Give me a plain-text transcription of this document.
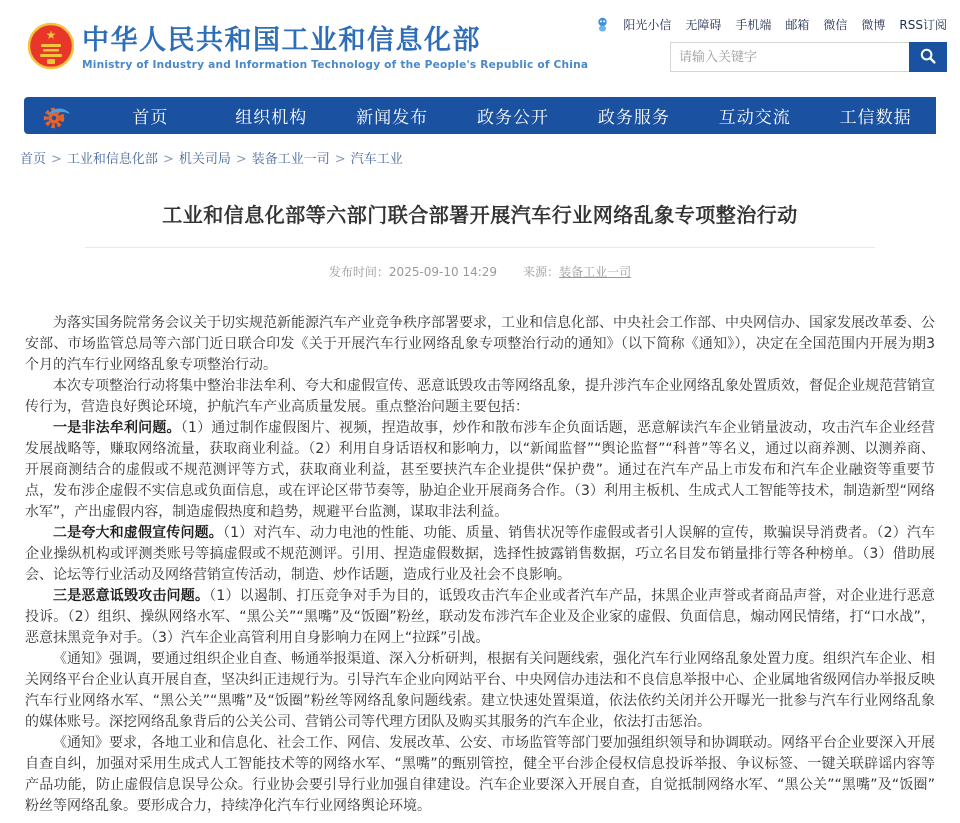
★ 中华人民共和国工业和信息化部
Ministry of Industry and Information Technology of the People's Republic of China
阳光小信 无障碍 手机端 邮箱 微信 微博 RSS订阅
请输入关键字
首页	组织机构	新闻发布	政务公开	政务服务	互动交流	工信数据
首页 > 工业和信息化部 > 机关司局 > 装备工业一司 > 汽车工业
工业和信息化部等六部门联合部署开展汽车行业网络乱象专项整治行动
发布时间：2025-09-10 14:29 来源：装备工业一司

为落实国务院常务会议关于切实规范新能源汽车产业竞争秩序部署要求，工业和信息化部、中央社会工作部、中央网信办、国家发展改革委、公安部、市场监管总局等六部门近日联合印发《关于开展汽车行业网络乱象专项整治行动的通知》（以下简称《通知》），决定在全国范围内开展为期3个月的汽车行业网络乱象专项整治行动。

本次专项整治行动将集中整治非法牟利、夸大和虚假宣传、恶意诋毁攻击等网络乱象，提升涉汽车企业网络乱象处置质效，督促企业规范营销宣传行为，营造良好舆论环境，护航汽车产业高质量发展。重点整治问题主要包括：

一是非法牟利问题。（1）通过制作虚假图片、视频，捏造故事，炒作和散布涉车企负面话题，恶意解读汽车企业销量波动，攻击汽车企业经营发展战略等，赚取网络流量，获取商业利益。（2）利用自身话语权和影响力，以“新闻监督”“舆论监督”“科普”等名义，通过以商养测、以测养商、开展商测结合的虚假或不规范测评等方式，获取商业利益，甚至要挟汽车企业提供“保护费”。通过在汽车产品上市发布和汽车企业融资等重要节点，发布涉企虚假不实信息或负面信息，或在评论区带节奏等，胁迫企业开展商务合作。（3）利用主板机、生成式人工智能等技术，制造新型“网络水军”，产出虚假内容，制造虚假热度和趋势，规避平台监测，谋取非法利益。

二是夸大和虚假宣传问题。（1）对汽车、动力电池的性能、功能、质量、销售状况等作虚假或者引人误解的宣传，欺骗误导消费者。（2）汽车企业操纵机构或评测类账号等搞虚假或不规范测评。引用、捏造虚假数据，选择性披露销售数据，巧立名目发布销量排行等各种榜单。（3）借助展会、论坛等行业活动及网络营销宣传活动，制造、炒作话题，造成行业及社会不良影响。

三是恶意诋毁攻击问题。（1）以遏制、打压竞争对手为目的，诋毁攻击汽车企业或者汽车产品，抹黑企业声誉或者商品声誉，对企业进行恶意投诉。（2）组织、操纵网络水军、“黑公关”“黑嘴”及“饭圈”粉丝，联动发布涉汽车企业及企业家的虚假、负面信息，煽动网民情绪，打“口水战”，恶意抹黑竞争对手。（3）汽车企业高管利用自身影响力在网上“拉踩”引战。

《通知》强调，要通过组织企业自查、畅通举报渠道、深入分析研判，根据有关问题线索，强化汽车行业网络乱象处置力度。组织汽车企业、相关网络平台企业认真开展自查，坚决纠正违规行为。引导汽车企业向网站平台、中央网信办违法和不良信息举报中心、企业属地省级网信办举报反映汽车行业网络水军、“黑公关”“黑嘴”及“饭圈”粉丝等网络乱象问题线索。建立快速处置渠道，依法依约关闭并公开曝光一批参与汽车行业网络乱象的媒体账号。深挖网络乱象背后的公关公司、营销公司等代理方团队及购买其服务的汽车企业，依法打击惩治。

《通知》要求，各地工业和信息化、社会工作、网信、发展改革、公安、市场监管等部门要加强组织领导和协调联动。网络平台企业要深入开展自查自纠，加强对采用生成式人工智能技术等的网络水军、“黑嘴”的甄别管控，健全平台涉企侵权信息投诉举报、争议标签、一键关联辟谣内容等产品功能，防止虚假信息误导公众。行业协会要引导行业加强自律建设。汽车企业要深入开展自查，自觉抵制网络水军、“黑公关”“黑嘴”及“饭圈”粉丝等网络乱象。要形成合力，持续净化汽车行业网络舆论环境。
